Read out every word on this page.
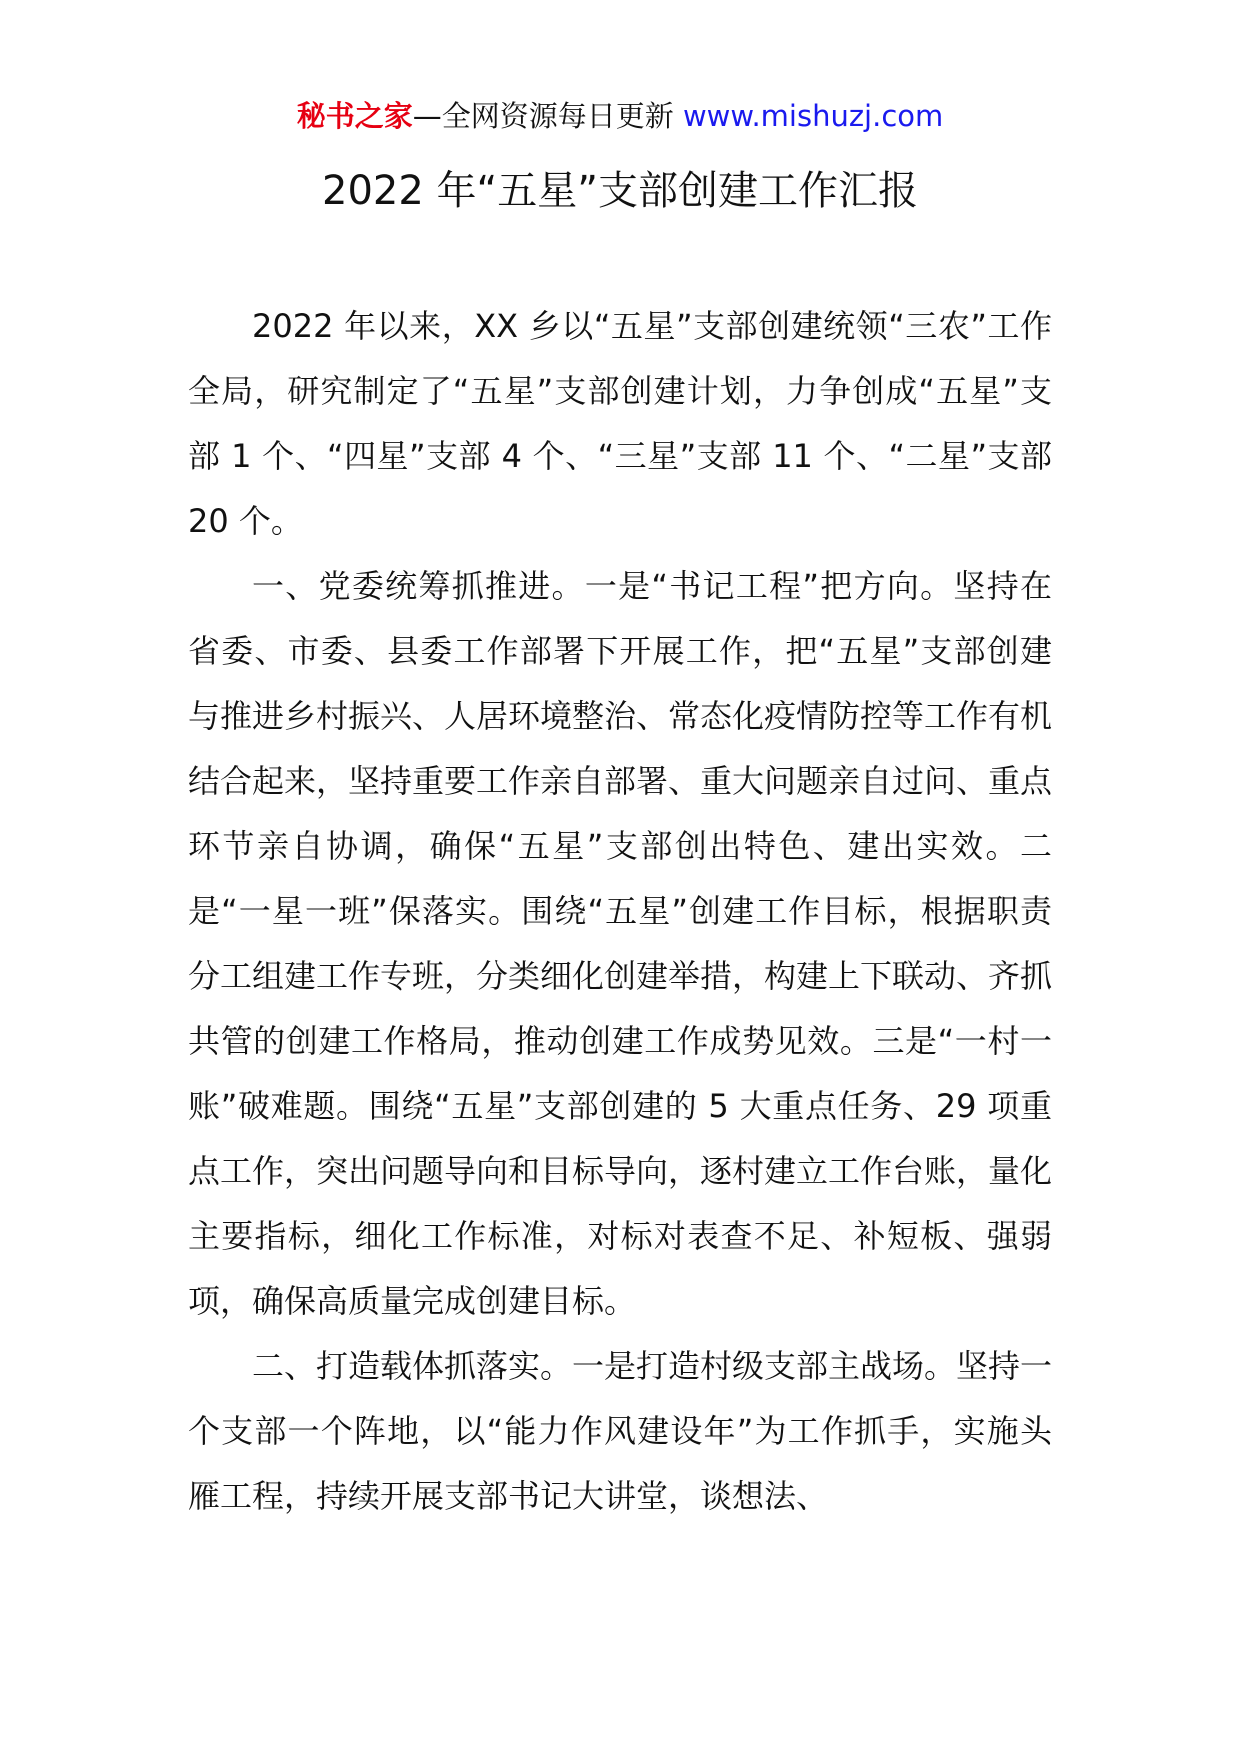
秘书之家—全网资源每日更新 www.mishuzj.com
2022 年“五星”支部创建工作汇报

2022 年以来，XX 乡以“五星”支部创建统领“三农”工作全局，研究制定了“五星”支部创建计划，力争创成“五星”支部 1 个、“四星”支部 4 个、“三星”支部 11 个、“二星”支部 20 个。

一、党委统筹抓推进。一是“书记工程”把方向。坚持在省委、市委、县委工作部署下开展工作，把“五星”支部创建与推进乡村振兴、人居环境整治、常态化疫情防控等工作有机结合起来，坚持重要工作亲自部署、重大问题亲自过问、重点环节亲自协调，确保“五星”支部创出特色、建出实效。二是“一星一班”保落实。围绕“五星”创建工作目标，根据职责分工组建工作专班，分类细化创建举措，构建上下联动、齐抓共管的创建工作格局，推动创建工作成势见效。三是“一村一账”破难题。围绕“五星”支部创建的 5 大重点任务、29 项重点工作，突出问题导向和目标导向，逐村建立工作台账，量化主要指标，细化工作标准，对标对表查不足、补短板、强弱项，确保高质量完成创建目标。

二、打造载体抓落实。一是打造村级支部主战场。坚持一个支部一个阵地，以“能力作风建设年”为工作抓手，实施头雁工程，持续开展支部书记大讲堂，谈想法、
